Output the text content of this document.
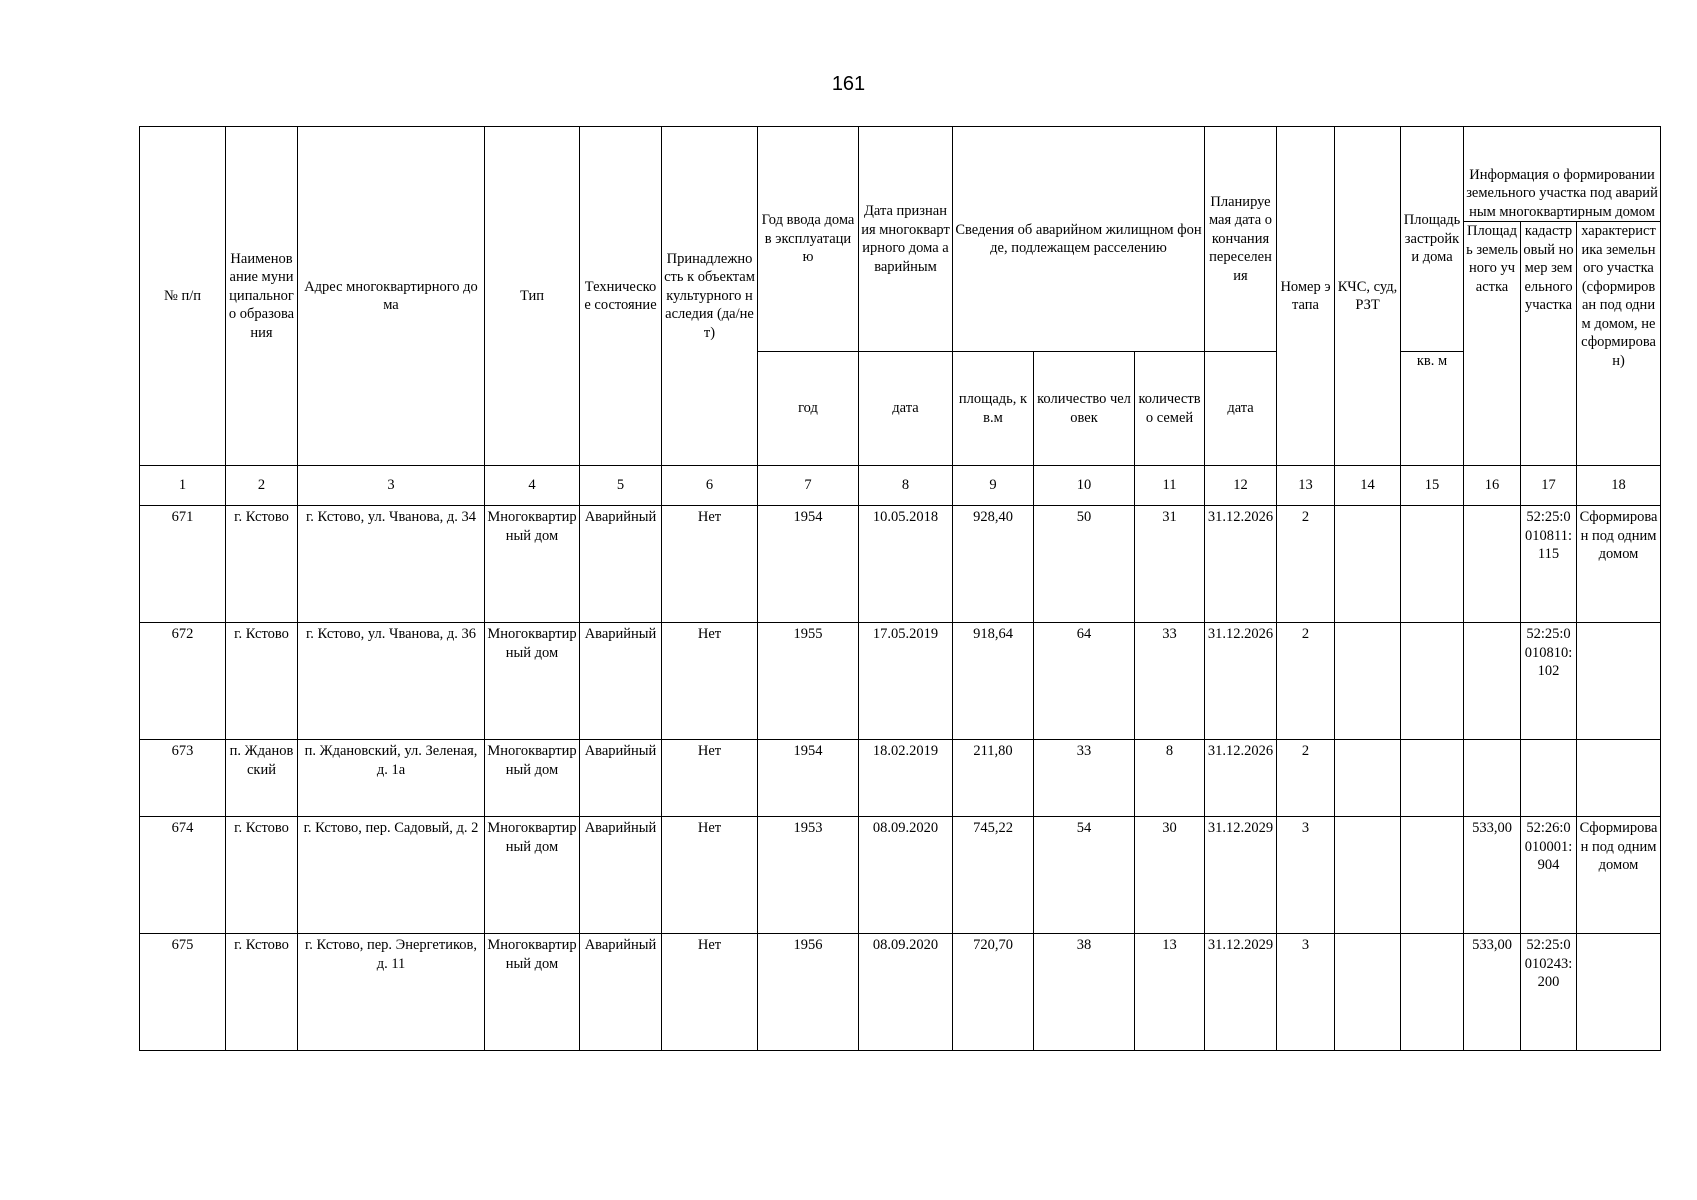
161
№ п/п	Наименование муниципального образования	Адрес многоквартирного дома	Тип	Техническое состояние	Принадлежность к объектам культурного наследия (да/нет)	Год ввода дома в эксплуатацию	Дата признания многоквартирного дома аварийным	Сведения об аварийном жилищном фонде, подлежащем расселению			Планируемая дата окончания переселения	Номер этапа	КЧС, суд, РЗТ	Площадь застройки дома	Информация о формировании земельного участка под аварийным многоквартирным домом		
															Площадь земельного участка	кадастровый номер земельного участка	характеристика земельного участка (сформирован под одним домом, не сформирован)
						год	дата	площадь, кв.м	количество человек	количество семей	дата			кв. м			
1	2	3	4	5	6	7	8	9	10	11	12	13	14	15	16	17	18
671	г. Кстово	г. Кстово, ул. Чванова, д. 34	Многоквартирный дом	Аварийный	Нет	1954	10.05.2018	928,40	50	31	31.12.2026	2				52:25:0010811:115	Сформирован под одним домом
672	г. Кстово	г. Кстово, ул. Чванова, д. 36	Многоквартирный дом	Аварийный	Нет	1955	17.05.2019	918,64	64	33	31.12.2026	2				52:25:0010810:102	
673	п. Ждановский	п. Ждановский, ул. Зеленая, д. 1а	Многоквартирный дом	Аварийный	Нет	1954	18.02.2019	211,80	33	8	31.12.2026	2					
674	г. Кстово	г. Кстово, пер. Садовый, д. 2	Многоквартирный дом	Аварийный	Нет	1953	08.09.2020	745,22	54	30	31.12.2029	3			533,00	52:26:0010001:904	Сформирован под одним домом
675	г. Кстово	г. Кстово, пер. Энергетиков, д. 11	Многоквартирный дом	Аварийный	Нет	1956	08.09.2020	720,70	38	13	31.12.2029	3			533,00	52:25:0010243:200	
